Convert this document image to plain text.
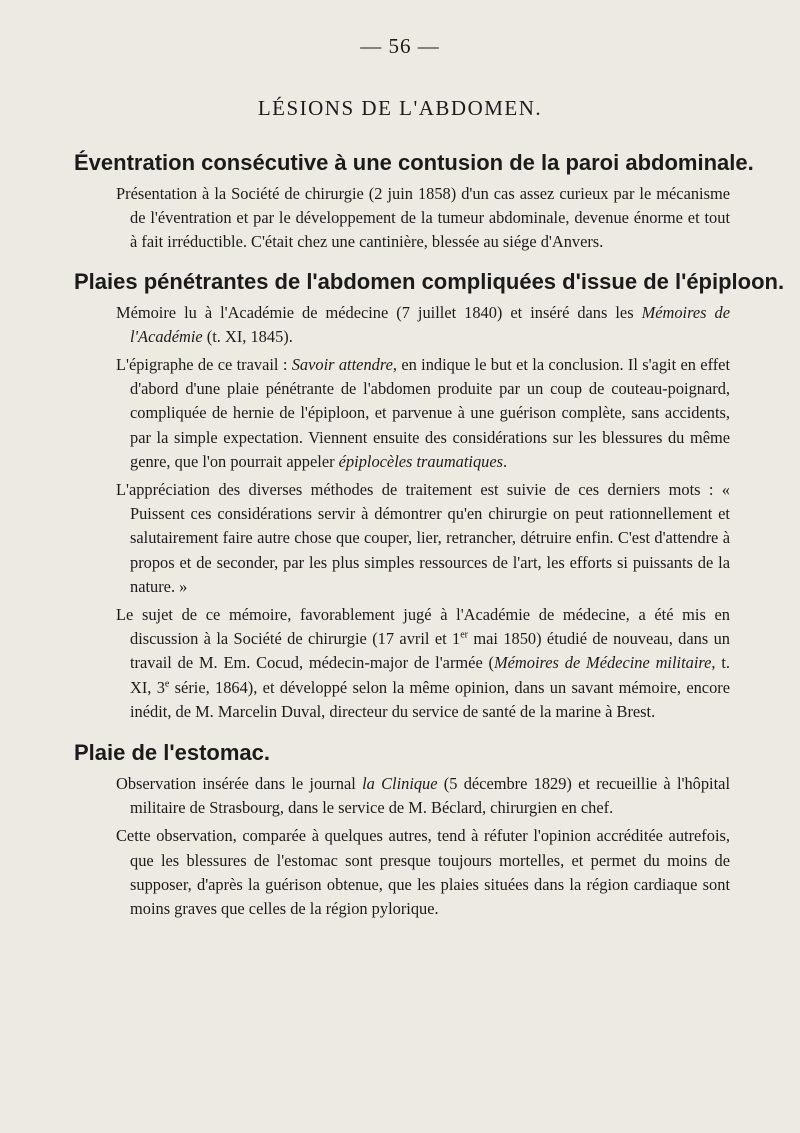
— 56 —
LÉSIONS DE L'ABDOMEN.
Éventration consécutive à une contusion de la paroi abdominale.

Présentation à la Société de chirurgie (2 juin 1858) d'un cas assez curieux par le mécanisme de l'éventration et par le développement de la tumeur abdominale, devenue énorme et tout à fait irréductible. C'était chez une cantinière, blessée au siége d'Anvers.

Plaies pénétrantes de l'abdomen compliquées d'issue de l'épiploon.

Mémoire lu à l'Académie de médecine (7 juillet 1840) et inséré dans les Mémoires de l'Académie (t. XI, 1845).

L'épigraphe de ce travail : Savoir attendre, en indique le but et la conclusion. Il s'agit en effet d'abord d'une plaie pénétrante de l'abdomen produite par un coup de couteau-poignard, compliquée de hernie de l'épiploon, et parvenue à une guérison complète, sans accidents, par la simple expectation. Viennent ensuite des considérations sur les blessures du même genre, que l'on pourrait appeler épiplocèles traumatiques.

L'appréciation des diverses méthodes de traitement est suivie de ces derniers mots : « Puissent ces considérations servir à démontrer qu'en chirurgie on peut rationnellement et salutairement faire autre chose que couper, lier, retrancher, détruire enfin. C'est d'attendre à propos et de seconder, par les plus simples ressources de l'art, les efforts si puissants de la nature. »

Le sujet de ce mémoire, favorablement jugé à l'Académie de médecine, a été mis en discussion à la Société de chirurgie (17 avril et 1er mai 1850) étudié de nouveau, dans un travail de M. Em. Cocud, médecin-major de l'armée (Mémoires de Médecine militaire, t. XI, 3e série, 1864), et développé selon la même opinion, dans un savant mémoire, encore inédit, de M. Marcelin Duval, directeur du service de santé de la marine à Brest.

Plaie de l'estomac.

Observation insérée dans le journal la Clinique (5 décembre 1829) et recueillie à l'hôpital militaire de Strasbourg, dans le service de M. Béclard, chirurgien en chef.

Cette observation, comparée à quelques autres, tend à réfuter l'opinion accréditée autrefois, que les blessures de l'estomac sont presque toujours mortelles, et permet du moins de supposer, d'après la guérison obtenue, que les plaies situées dans la région cardiaque sont moins graves que celles de la région pylorique.
